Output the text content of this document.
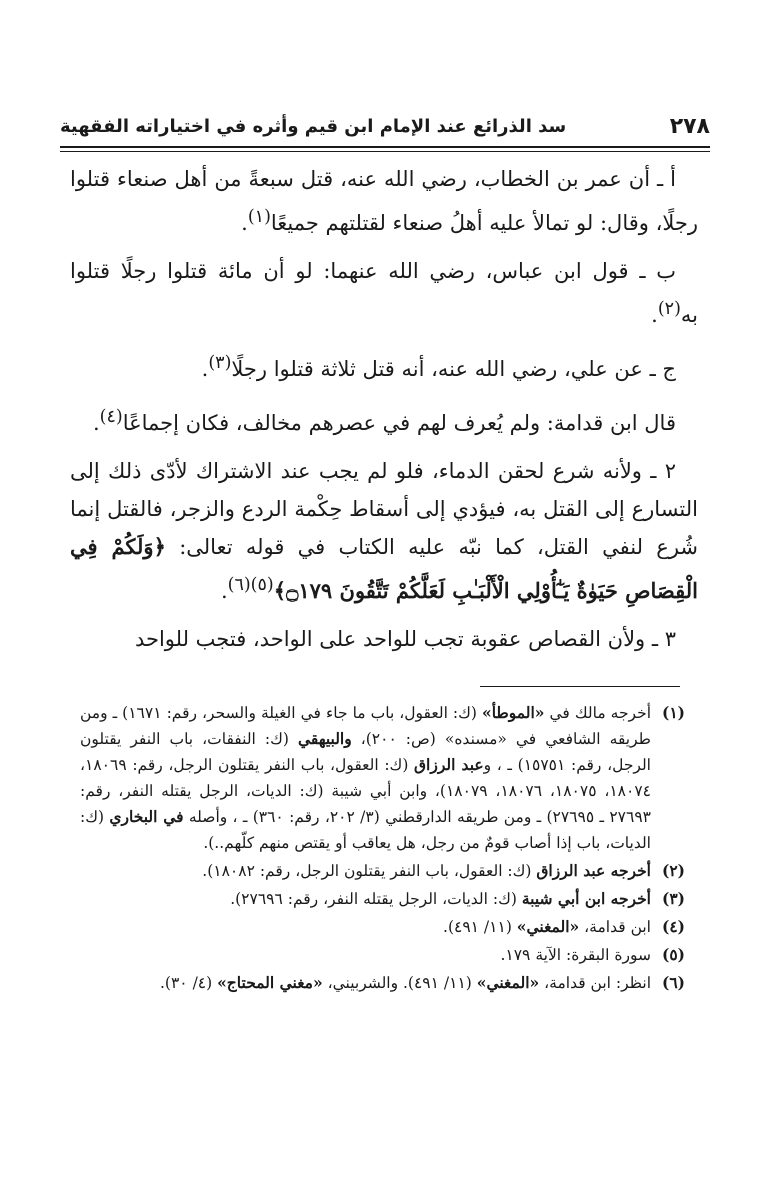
٢٧٨
سد الذرائع عند الإمام ابن قيم وأثره في اختياراته الفقهية

أ ـ أن عمر بن الخطاب، رضي الله عنه، قتل سبعةً من أهل صنعاء قتلوا رجلًا، وقال: لو تمالأ عليه أهلُ صنعاء لقتلتهم جميعًا$^{(١)}$.

ب ـ قول ابن عباس، رضي الله عنهما: لو أن مائة قتلوا رجلًا قتلوا به$^{(٢)}$.

ج ـ عن علي، رضي الله عنه، أنه قتل ثلاثة قتلوا رجلًا$^{(٣)}$.

قال ابن قدامة: ولم يُعرف لهم في عصرهم مخالف، فكان إجماعًا$^{(٤)}$.

٢ ـ ولأنه شرع لحقن الدماء، فلو لم يجب عند الاشتراك لأدّى ذلك إلى التسارع إلى القتل به، فيؤدي إلى أسقاط حِكْمة الردع والزجر، فالقتل إنما شُرع لنفي القتل، كما نبّه عليه الكتاب في قوله تعالى: ﴿وَلَكُمْ فِي الْقِصَاصِ حَيَوٰةٌ يَـٰٓأُوْلِي الْأَلْبَـٰبِ لَعَلَّكُمْ تَتَّقُونَ ۝١٧٩﴾$^{(٥)(٦)}$.

٣ ـ ولأن القصاص عقوبة تجب للواحد على الواحد، فتجب للواحد

(١)
أخرجه مالك في «الموطأ» (ك: العقول، باب ما جاء في الغيلة والسحر، رقم: ١٦٧١) ـ ومن طريقه الشافعي في «مسنده» (ص: ٢٠٠)، والبيهقي (ك: النفقات، باب النفر يقتلون الرجل، رقم: ١٥٧٥١) ـ ، وعبد الرزاق (ك: العقول، باب النفر يقتلون الرجل، رقم: ١٨٠٦٩، ١٨٠٧٤، ١٨٠٧٥، ١٨٠٧٦، ١٨٠٧٩)، وابن أبي شيبة (ك: الديات، الرجل يقتله النفر، رقم: ٢٧٦٩٣ ـ ٢٧٦٩٥) ـ ومن طريقه الدارقطني (٣/ ٢٠٢، رقم: ٣٦٠) ـ ، وأصله في البخاري (ك: الديات، باب إذا أصاب قومٌ من رجل، هل يعاقب أو يقتص منهم كلّهم..).
(٢)
أخرجه عبد الرزاق (ك: العقول، باب النفر يقتلون الرجل، رقم: ١٨٠٨٢).
(٣)
أخرجه ابن أبي شيبة (ك: الديات، الرجل يقتله النفر، رقم: ٢٧٦٩٦).
(٤)
ابن قدامة، «المغني» (١١/ ٤٩١).
(٥)
سورة البقرة: الآية ١٧٩.
(٦)
انظر: ابن قدامة، «المغني» (١١/ ٤٩١). والشربيني، «مغني المحتاج» (٤/ ٣٠).
